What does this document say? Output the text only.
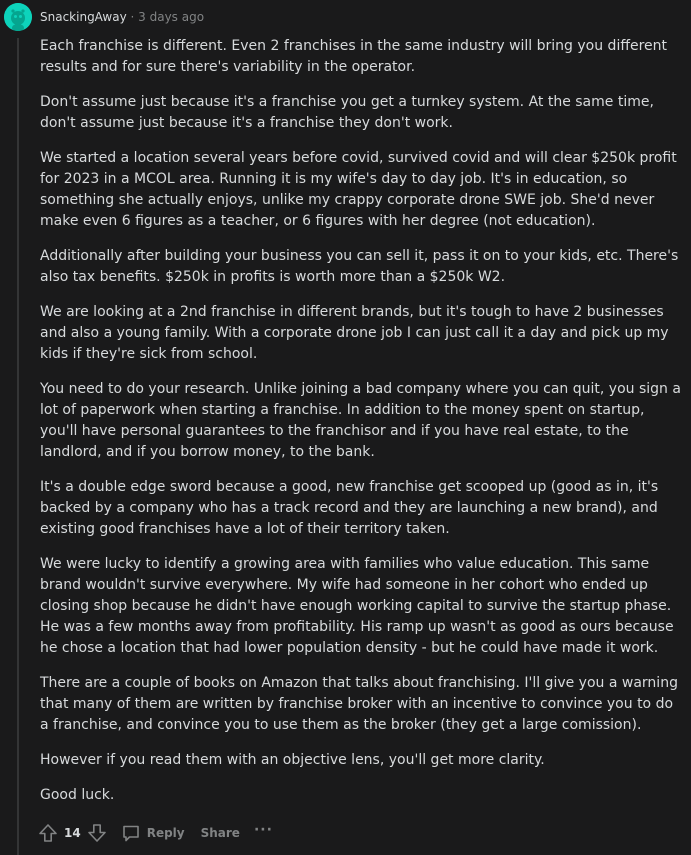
SnackingAway · 3 days ago

Each franchise is different. Even 2 franchises in the same industry will bring you different results and for sure there's variability in the operator.

Don't assume just because it's a franchise you get a turnkey system. At the same time, don't assume just because it's a franchise they don't work.

We started a location several years before covid, survived covid and will clear $250k profit for 2023 in a MCOL area. Running it is my wife's day to day job. It's in education, so something she actually enjoys, unlike my crappy corporate drone SWE job. She'd never make even 6 figures as a teacher, or 6 figures with her degree (not education).

Additionally after building your business you can sell it, pass it on to your kids, etc. There's also tax benefits. $250k in profits is worth more than a $250k W2.

We are looking at a 2nd franchise in different brands, but it's tough to have 2 businesses and also a young family. With a corporate drone job I can just call it a day and pick up my kids if they're sick from school.

You need to do your research. Unlike joining a bad company where you can quit, you sign a lot of paperwork when starting a franchise. In addition to the money spent on startup, you'll have personal guarantees to the franchisor and if you have real estate, to the landlord, and if you borrow money, to the bank.

It's a double edge sword because a good, new franchise get scooped up (good as in, it's backed by a company who has a track record and they are launching a new brand), and existing good franchises have a lot of their territory taken.

We were lucky to identify a growing area with families who value education. This same brand wouldn't survive everywhere. My wife had someone in her cohort who ended up closing shop because he didn't have enough working capital to survive the startup phase. He was a few months away from profitability. His ramp up wasn't as good as ours because he chose a location that had lower population density - but he could have made it work.

There are a couple of books on Amazon that talks about franchising. I'll give you a warning that many of them are written by franchise broker with an incentive to convince you to do a franchise, and convince you to use them as the broker (they get a large comission).

However if you read them with an objective lens, you'll get more clarity.

Good luck.

14	Reply Share ···
